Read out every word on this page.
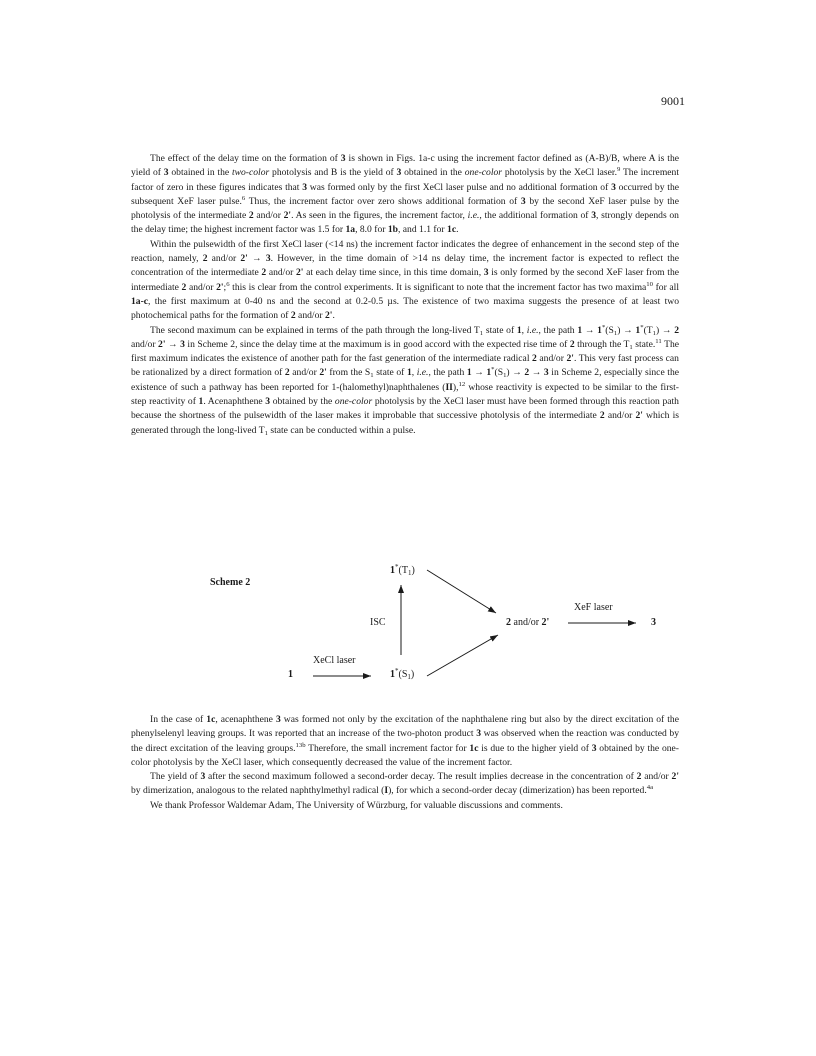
9001

The effect of the delay time on the formation of 3 is shown in Figs. 1a-c using the increment factor defined as (A-B)/B, where A is the yield of 3 obtained in the two-color photolysis and B is the yield of 3 obtained in the one-color photolysis by the XeCl laser.$^9$ The increment factor of zero in these figures indicates that 3 was formed only by the first XeCl laser pulse and no additional formation of 3 occurred by the subsequent XeF laser pulse.$^6$ Thus, the increment factor over zero shows additional formation of 3 by the second XeF laser pulse by the photolysis of the intermediate 2 and/or 2'. As seen in the figures, the increment factor, i.e., the additional formation of 3, strongly depends on the delay time; the highest increment factor was 1.5 for 1a, 8.0 for 1b, and 1.1 for 1c.

Within the pulsewidth of the first XeCl laser (<14 ns) the increment factor indicates the degree of enhancement in the second step of the reaction, namely, 2 and/or 2' → 3. However, in the time domain of >14 ns delay time, the increment factor is expected to reflect the concentration of the intermediate 2 and/or 2' at each delay time since, in this time domain, 3 is only formed by the second XeF laser from the intermediate 2 and/or 2';$^6$ this is clear from the control experiments. It is significant to note that the increment factor has two maxima$^{10}$ for all 1a-c, the first maximum at 0-40 ns and the second at 0.2-0.5 µs. The existence of two maxima suggests the presence of at least two photochemical paths for the formation of 2 and/or 2'.

The second maximum can be explained in terms of the path through the long-lived $T_1$ state of 1, i.e., the path $1 \to 1^*(S_1) \to 1^*(T_1) \to 2$ and/or 2' → 3 in Scheme 2, since the delay time at the maximum is in good accord with the expected rise time of 2 through the $T_1$ state.$^{11}$ The first maximum indicates the existence of another path for the fast generation of the intermediate radical 2 and/or 2'. This very fast process can be rationalized by a direct formation of 2 and/or 2' from the $S_1$ state of 1, i.e., the path $1 \to 1^*(S_1) \to 2 \to 3$ in Scheme 2, especially since the existence of such a pathway has been reported for 1-(halomethyl)naphthalenes (II),$^{12}$ whose reactivity is expected to be similar to the first-step reactivity of 1. Acenaphthene 3 obtained by the one-color photolysis by the XeCl laser must have been formed through this reaction path because the shortness of the pulsewidth of the laser makes it improbable that successive photolysis of the intermediate 2 and/or 2' which is generated through the long-lived $T_1$ state can be conducted within a pulse.

Scheme 2
$1^*(T_1)$
ISC
XeCl laser
1	$1^*(S_1)$
2 and/or 2'
XeF laser
3

In the case of 1c, acenaphthene 3 was formed not only by the excitation of the naphthalene ring but also by the direct excitation of the phenylselenyl leaving groups. It was reported that an increase of the two-photon product 3 was observed when the reaction was conducted by the direct excitation of the leaving groups.$^{13b}$ Therefore, the small increment factor for 1c is due to the higher yield of 3 obtained by the one-color photolysis by the XeCl laser, which consequently decreased the value of the increment factor.

The yield of 3 after the second maximum followed a second-order decay. The result implies decrease in the concentration of 2 and/or 2' by dimerization, analogous to the related naphthylmethyl radical (I), for which a second-order decay (dimerization) has been reported.$^{4a}$

We thank Professor Waldemar Adam, The University of Würzburg, for valuable discussions and comments.
